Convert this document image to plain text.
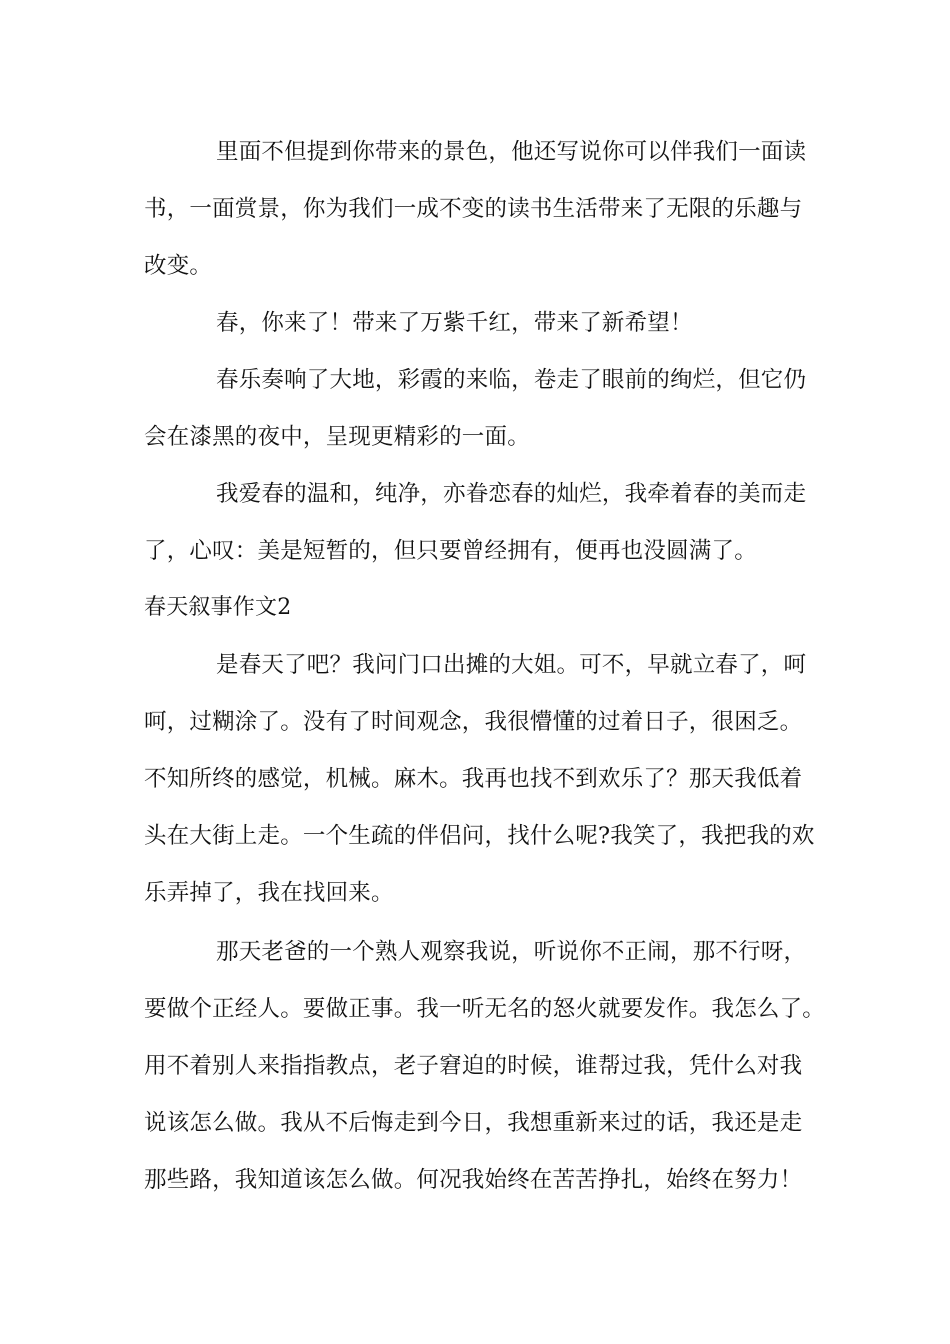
里面不但提到你带来的景色，他还写说你可以伴我们一面读
书，一面赏景，你为我们一成不变的读书生活带来了无限的乐趣与
改变。
春，你来了！带来了万紫千红，带来了新希望！
春乐奏响了大地，彩霞的来临，卷走了眼前的绚烂，但它仍
会在漆黑的夜中，呈现更精彩的一面。
我爱春的温和，纯净，亦眷恋春的灿烂，我牵着春的美而走
了，心叹：美是短暂的，但只要曾经拥有，便再也没圆满了。
春天叙事作文2
是春天了吧？我问门口出摊的大姐。可不，早就立春了，呵
呵，过糊涂了。没有了时间观念，我很懵懂的过着日子，很困乏。
不知所终的感觉，机械。麻木。我再也找不到欢乐了？那天我低着
头在大街上走。一个生疏的伴侣问，找什么呢?我笑了，我把我的欢
乐弄掉了，我在找回来。
那天老爸的一个熟人观察我说，听说你不正闹，那不行呀，
要做个正经人。要做正事。我一听无名的怒火就要发作。我怎么了。
用不着别人来指指教点，老子窘迫的时候，谁帮过我，凭什么对我
说该怎么做。我从不后悔走到今日，我想重新来过的话，我还是走
那些路，我知道该怎么做。何况我始终在苦苦挣扎，始终在努力！
